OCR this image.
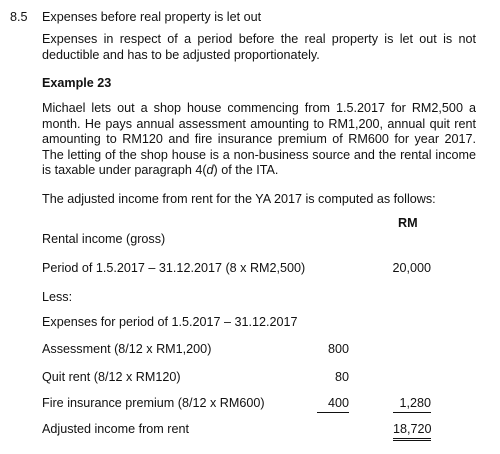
8.5 Expenses before real property is let out
Expenses in respect of a period before the real property is let out is not deductible and has to be adjusted proportionately.
Example 23
Michael lets out a shop house commencing from 1.5.2017 for RM2,500 a month. He pays annual assessment amounting to RM1,200, annual quit rent amounting to RM120 and fire insurance premium of RM600 for year 2017. The letting of the shop house is a non-business source and the rental income is taxable under paragraph 4(d) of the ITA.
The adjusted income from rent for the YA 2017 is computed as follows:
RM
Rental income (gross)
Period of 1.5.2017 – 31.12.2017 (8 x RM2,500)	20,000
Less:
Expenses for period of 1.5.2017 – 31.12.2017
Assessment (8/12 x RM1,200)	800
Quit rent (8/12 x RM120)	80
Fire insurance premium (8/12 x RM600)	400	1,280
Adjusted income from rent	18,720
